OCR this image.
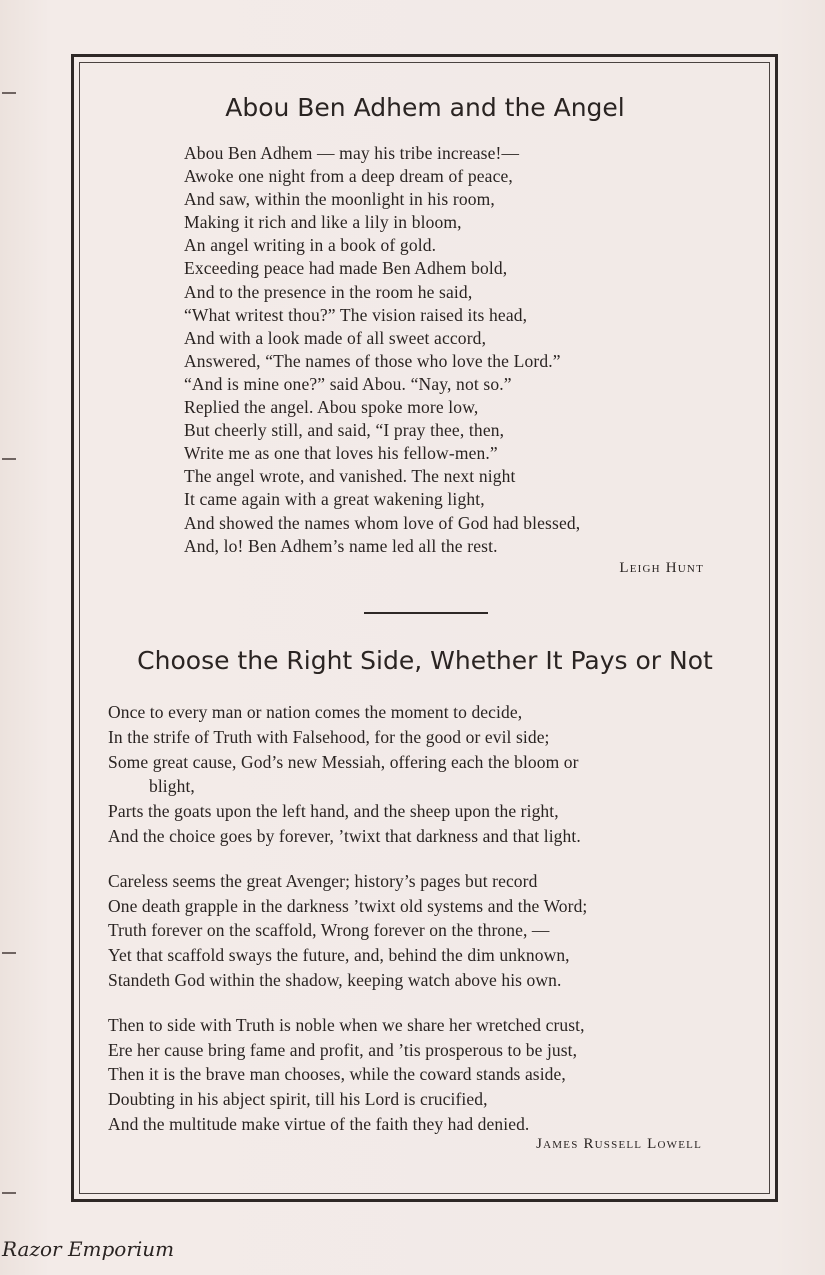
Abou Ben Adhem and the Angel
Abou Ben Adhem — may his tribe increase!—
Awoke one night from a deep dream of peace,
And saw, within the moonlight in his room,
Making it rich and like a lily in bloom,
An angel writing in a book of gold.
Exceeding peace had made Ben Adhem bold,
And to the presence in the room he said,
“What writest thou?” The vision raised its head,
And with a look made of all sweet accord,
Answered, “The names of those who love the Lord.”
“And is mine one?” said Abou. “Nay, not so.”
Replied the angel. Abou spoke more low,
But cheerly still, and said, “I pray thee, then,
Write me as one that loves his fellow-men.”
The angel wrote, and vanished. The next night
It came again with a great wakening light,
And showed the names whom love of God had blessed,
And, lo! Ben Adhem’s name led all the rest.
Leigh Hunt
Choose the Right Side, Whether It Pays or Not
Once to every man or nation comes the moment to decide,
In the strife of Truth with Falsehood, for the good or evil side;
Some great cause, God’s new Messiah, offering each the bloom or
blight,
Parts the goats upon the left hand, and the sheep upon the right,
And the choice goes by forever, ’twixt that darkness and that light.
Careless seems the great Avenger; history’s pages but record
One death grapple in the darkness ’twixt old systems and the Word;
Truth forever on the scaffold, Wrong forever on the throne, —
Yet that scaffold sways the future, and, behind the dim unknown,
Standeth God within the shadow, keeping watch above his own.
Then to side with Truth is noble when we share her wretched crust,
Ere her cause bring fame and profit, and ’tis prosperous to be just,
Then it is the brave man chooses, while the coward stands aside,
Doubting in his abject spirit, till his Lord is crucified,
And the multitude make virtue of the faith they had denied.
James Russell Lowell
Razor Emporium
